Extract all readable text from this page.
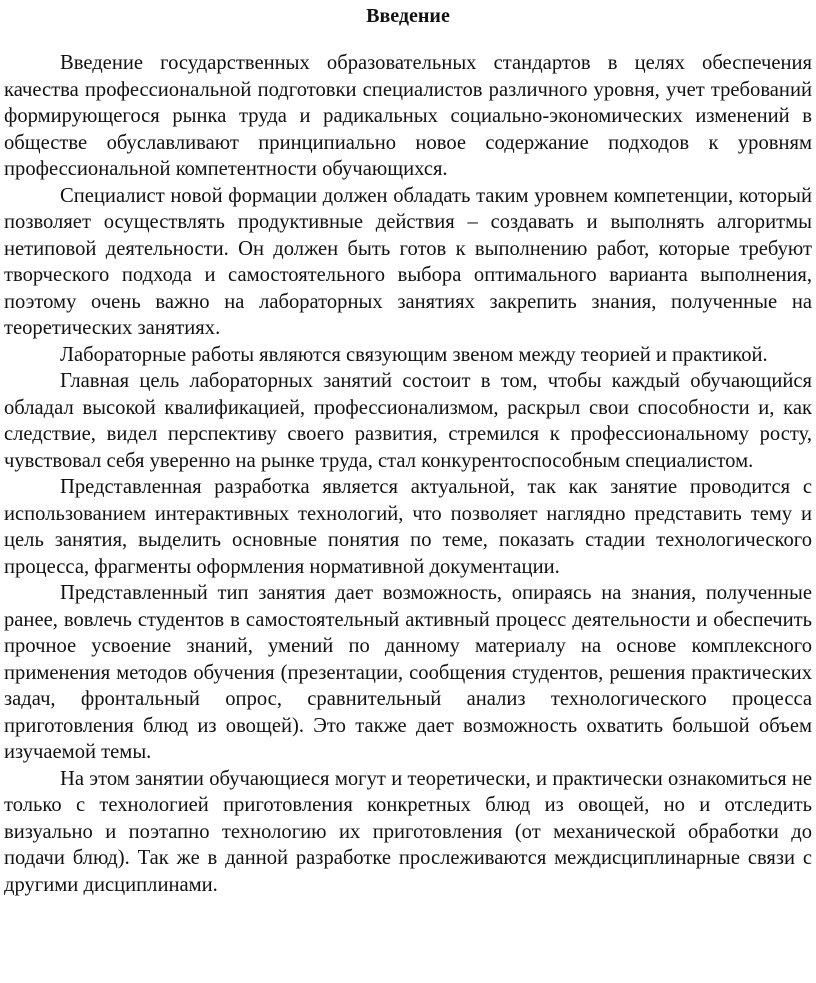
Введение

Введение государственных образовательных стандартов в целях обеспечения качества профессиональной подготовки специалистов различного уровня, учет требований формирующегося рынка труда и радикальных социально-экономических изменений в обществе обуславливают принципиально новое содержание подходов к уровням профессиональной компетентности обучающихся.

Специалист новой формации должен обладать таким уровнем компетенции, который позволяет осуществлять продуктивные действия – создавать и выполнять алгоритмы нетиповой деятельности. Он должен быть готов к выполнению работ, которые требуют творческого подхода и самостоятельного выбора оптимального варианта выполнения, поэтому очень важно на лабораторных занятиях закрепить знания, полученные на теоретических занятиях.

Лабораторные работы являются связующим звеном между теорией и практикой.

Главная цель лабораторных занятий состоит в том, чтобы каждый обучающийся обладал высокой квалификацией, профессионализмом, раскрыл свои способности и, как следствие, видел перспективу своего развития, стремился к профессиональному росту, чувствовал себя уверенно на рынке труда, стал конкурентоспособным специалистом.

Представленная разработка является актуальной, так как занятие проводится с использованием интерактивных технологий, что позволяет наглядно представить тему и цель занятия, выделить основные понятия по теме, показать стадии технологического процесса, фрагменты оформления нормативной документации.

Представленный тип занятия дает возможность, опираясь на знания, полученные ранее, вовлечь студентов в самостоятельный активный процесс деятельности и обеспечить прочное усвоение знаний, умений по данному материалу на основе комплексного применения методов обучения (презентации, сообщения студентов, решения практических задач, фронтальный опрос, сравнительный анализ технологического процесса приготовления блюд из овощей). Это также дает возможность охватить большой объем изучаемой темы.

На этом занятии обучающиеся могут и теоретически, и практически ознакомиться не только с технологией приготовления конкретных блюд из овощей, но и отследить визуально и поэтапно технологию их приготовления (от механической обработки до подачи блюд). Так же в данной разработке прослеживаются междисциплинарные связи с другими дисциплинами.
